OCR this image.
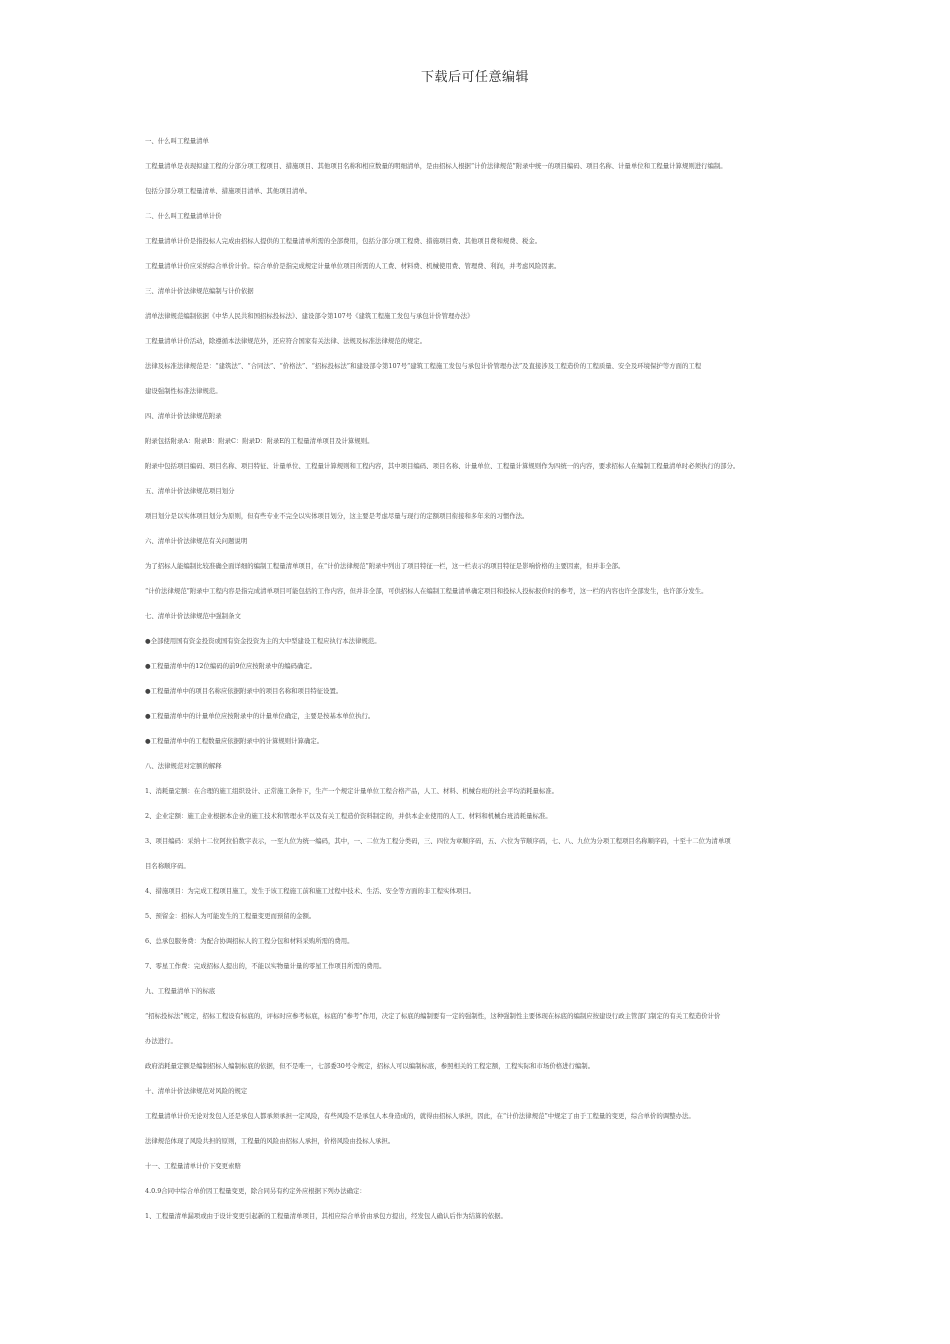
下载后可任意编辑
一、什么叫工程量清单
工程量清单是表现拟建工程的分部分项工程项目、措施项目、其他项目名称和相应数量的明细清单，是由招标人根据“计价法律规范”附录中统一的项目编码、项目名称、计量单位和工程量计算规则进行编制。
包括分部分项工程量清单、措施项目清单、其他项目清单。
二、什么叫工程量清单计价
工程量清单计价是指投标人完成由招标人提供的工程量清单所需的全部费用，包括分部分项工程费、措施项目费、其他项目费和规费、税金。
工程量清单计价应采纳综合单价计价。综合单价是指完成规定计量单位项目所需的人工费、材料费、机械使用费、管理费、利润，并考虑风险因素。
三、清单计价法律规范编制与计价依据
清单法律规范编制依据《中华人民共和国招标投标法》、建设部令第107号《建筑工程施工发包与承包计价管理办法》
工程量清单计价活动，除遵循本法律规范外，还应符合国家有关法律、法规及标准法律规范的规定。
法律及标准法律规范是：“建筑法”、“合同法”、“价格法”、“招标投标法”和建设部令第107号“建筑工程施工发包与承包计价管理办法”及直接涉及工程造价的工程质量、安全及环境保护等方面的工程
建设强制性标准法律规范。
四、清单计价法律规范附录
附录包括附录A：附录B：附录C：附录D：附录E的工程量清单项目及计算规则。
附录中包括项目编码、项目名称、项目特征、计量单位、工程量计算规则和工程内容，其中项目编码、项目名称、计量单位、工程量计算规则作为四统一的内容，要求招标人在编制工程量清单时必须执行的部分。
五、清单计价法律规范项目划分
项目划分是以实体项目划分为原则，但有些专业不完全以实体项目划分，这主要是考虑尽量与现行的定额项目衔接和多年来的习惯作法。
六、清单计价法律规范有关问题说明
为了招标人能编制比较准确全面详细的编制工程量清单项目，在“计价法律规范”附录中列出了项目特征一栏，这一栏表示的项目特征是影响价格的主要因素，但并非全部。
“计价法律规范”附录中工程内容是指完成清单项目可能包括的工作内容，但并非全部，可供招标人在编制工程量清单确定项目和投标人投标报价时的参考，这一栏的内容也许全部发生，也许部分发生。
七、清单计价法律规范中强制条文
●全部使用国有资金投资或国有资金投资为主的大中型建设工程应执行本法律规范。
●工程量清单中的12位编码的前9位应按附录中的编码确定。
●工程量清单中的项目名称应依据附录中的项目名称和项目特征设置。
●工程量清单中的计量单位应按附录中的计量单位确定，主要是按基本单位执行。
●工程量清单中的工程数量应依据附录中的计算规则计算确定。
八、法律规范对定额的解释
1、消耗量定额：在合理的施工组织设计、正常施工条件下，生产一个规定计量单位工程合格产品，人工、材料、机械台班的社会平均消耗量标准。
2、企业定额：施工企业根据本企业的施工技术和管理水平以及有关工程造价资料制定的，并供本企业使用的人工、材料和机械台班消耗量标准。
3、项目编码：采纳十二位阿拉伯数字表示，一至九位为统一编码，其中，一、二位为工程分类码，三、四位为章顺序码，五、六位为节顺序码，七、八、九位为分项工程项目名称顺序码，十至十二位为清单项
目名称顺序码。
4、措施项目：为完成工程项目施工，发生于该工程施工前和施工过程中技术、生活、安全等方面的非工程实体项目。
5、预留金：招标人为可能发生的工程量变更而预留的金额。
6、总承包服务费：为配合协调招标人的工程分包和材料采购所需的费用。
7、零星工作费：完成招标人提出的，不能以实物量计量的零星工作项目所需的费用。
九、工程量清单下的标底
“招标投标法”规定，招标工程设有标底的，评标时应参考标底，标底的“参考”作用，决定了标底的编制要有一定的强制性，这种强制性主要体现在标底的编制应按建设行政主管部门制定的有关工程造价计价
办法进行。
政府消耗量定额是编制招标人编制标底的依据，但不是唯一，七部委30号令规定，招标人可以编制标底，参照相关的工程定额，工程实际和市场价格进行编制。
十、清单计价法律规范对风险的规定
工程量清单计价无论对发包人还是承包人都承须承担一定风险，有些风险不是承包人本身造成的，就得由招标人承担，因此，在“计价法律规范”中规定了由于工程量的变更，综合单价的调整办法。
法律规范体现了风险共担的原则，工程量的风险由招标人承担，价格风险由投标人承担。
十一、工程量清单计价下变更索赔
4.0.9合同中综合单价因工程量变更，除合同另有约定外应根据下列办法确定：
1、工程量清单漏项或由于设计变更引起新的工程量清单项目，其相应综合单价由承包方提出，经发包人确认后作为结算的依据。
